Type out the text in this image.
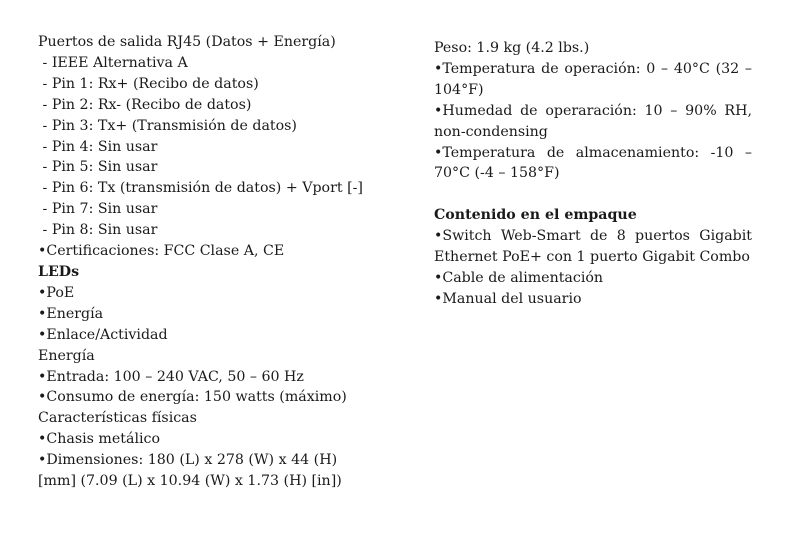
Puertos de salida RJ45 (Datos + Energía)
- IEEE Alternativa A
- Pin 1: Rx+ (Recibo de datos)
- Pin 2: Rx- (Recibo de datos)
- Pin 3: Tx+ (Transmisión de datos)
- Pin 4: Sin usar
- Pin 5: Sin usar
- Pin 6: Tx (transmisión de datos) + Vport [-]
- Pin 7: Sin usar
- Pin 8: Sin usar
•Certificaciones: FCC Clase A, CE
LEDs
•PoE
•Energía
•Enlace/Actividad
Energía
•Entrada: 100 – 240 VAC, 50 – 60 Hz
•Consumo de energía: 150 watts (máximo)
Características físicas
•Chasis metálico
•Dimensiones: 180 (L) x 278 (W) x 44 (H)
[mm] (7.09 (L) x 10.94 (W) x 1.73 (H) [in])
Peso: 1.9 kg (4.2 lbs.)
•Temperatura de operación: 0 – 40°C (32 – 104°F)
•Humedad de operaración: 10 – 90% RH, non-condensing
•Temperatura de almacenamiento: -10 – 70°C (-4 – 158°F)
Contenido en el empaque
•Switch Web-Smart de 8 puertos Gigabit Ethernet PoE+ con 1 puerto Gigabit Combo
•Cable de alimentación
•Manual del usuario
